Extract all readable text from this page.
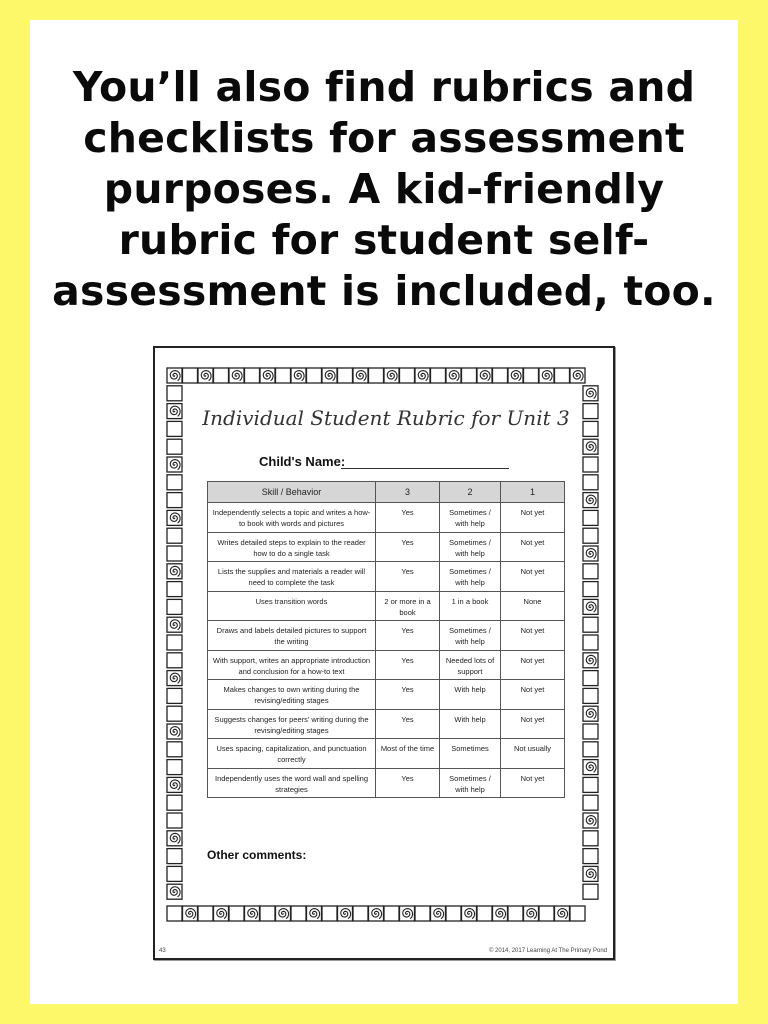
You’ll also find rubrics and checklists for assessment purposes. A kid-friendly rubric for student self-assessment is included, too.
Individual Student Rubric for Unit 3
Child's Name:
Skill / Behavior	3	2	1
Independently selects a topic and writes a how-to book with words and pictures	Yes	Sometimes / with help	Not yet
Writes detailed steps to explain to the reader how to do a single task	Yes	Sometimes / with help	Not yet
Lists the supplies and materials a reader will need to complete the task	Yes	Sometimes / with help	Not yet
Uses transition words	2 or more in a book	1 in a book	None
Draws and labels detailed pictures to support the writing	Yes	Sometimes / with help	Not yet
With support, writes an appropriate introduction and conclusion for a how-to text	Yes	Needed lots of support	Not yet
Makes changes to own writing during the revising/editing stages	Yes	With help	Not yet
Suggests changes for peers' writing during the revising/editing stages	Yes	With help	Not yet
Uses spacing, capitalization, and punctuation correctly	Most of the time	Sometimes	Not usually
Independently uses the word wall and spelling strategies	Yes	Sometimes / with help	Not yet
Other comments:
43	© 2014, 2017 Learning At The Primary Pond
